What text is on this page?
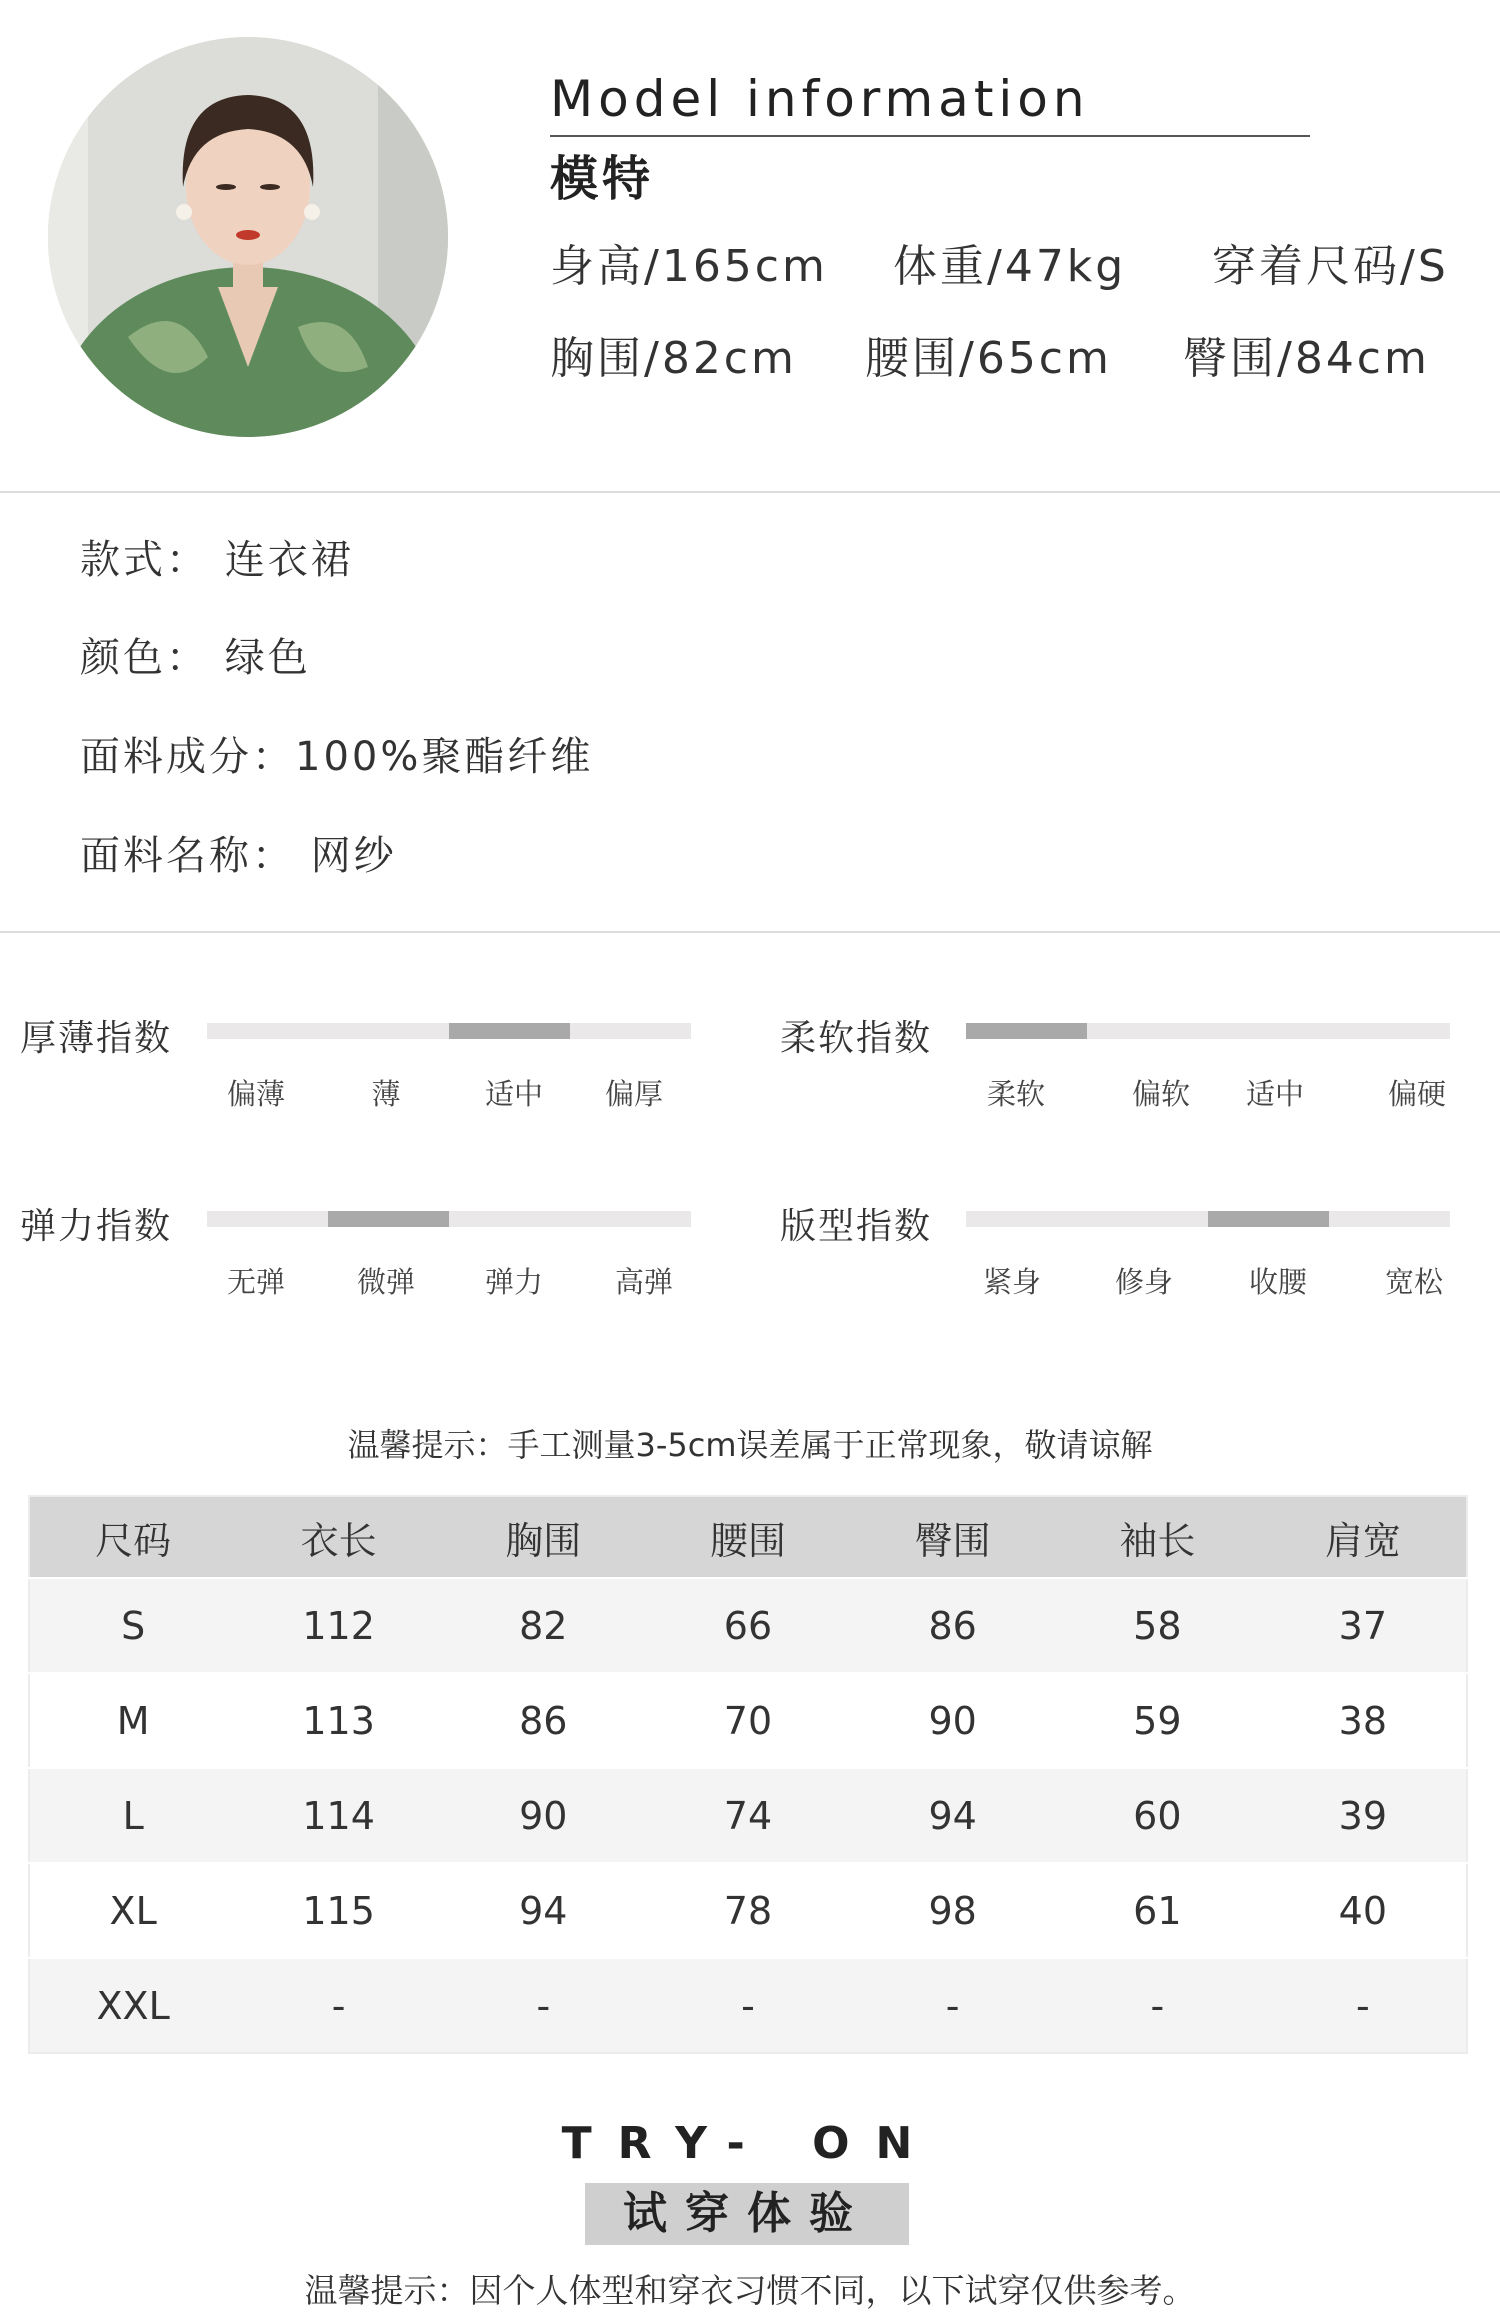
Model information
模特
身高/165cm 体重/47kg 穿着尺码/S
胸围/82cm 腰围/65cm 臀围/84cm
款式： 连衣裙
颜色： 绿色
面料成分：100%聚酯纤维
面料名称： 网纱
厚薄指数
偏薄	薄	适中	偏厚
柔软指数
柔软	偏软	适中	偏硬
弹力指数
无弹	微弹	弹力	高弹
版型指数
紧身	修身	收腰	宽松
温馨提示：手工测量3-5cm误差属于正常现象，敬请谅解
尺码	衣长	胸围	腰围	臀围	袖长	肩宽
S	112	82	66	86	58	37
M	113	86	70	90	59	38
L	114	90	74	94	60	39
XL	115	94	78	98	61	40
XXL	-	-	-	-	-	-
TRY- ON
试穿体验
温馨提示：因个人体型和穿衣习惯不同，以下试穿仅供参考。
